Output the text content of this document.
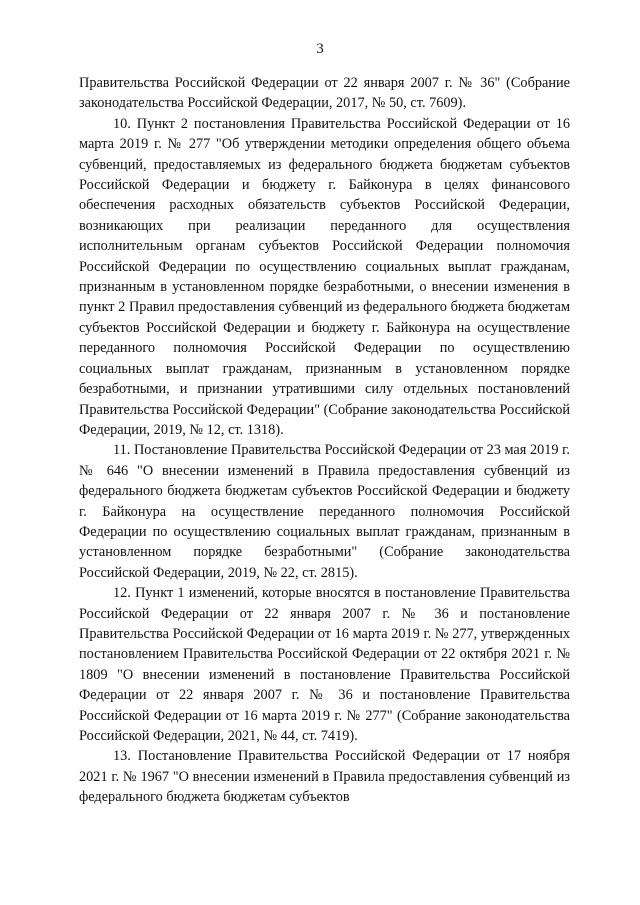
3

Правительства Российской Федерации от 22 января 2007 г. № 36" (Собрание законодательства Российской Федерации, 2017, № 50, ст. 7609).

10. Пункт 2 постановления Правительства Российской Федерации от 16 марта 2019 г. № 277 "Об утверждении методики определения общего объема субвенций, предоставляемых из федерального бюджета бюджетам субъектов Российской Федерации и бюджету г. Байконура в целях финансового обеспечения расходных обязательств субъектов Российской Федерации, возникающих при реализации переданного для осуществления исполнительным органам субъектов Российской Федерации полномочия Российской Федерации по осуществлению социальных выплат гражданам, признанным в установленном порядке безработными, о внесении изменения в пункт 2 Правил предоставления субвенций из федерального бюджета бюджетам субъектов Российской Федерации и бюджету г. Байконура на осуществление переданного полномочия Российской Федерации по осуществлению социальных выплат гражданам, признанным в установленном порядке безработными, и признании утратившими силу отдельных постановлений Правительства Российской Федерации" (Собрание законодательства Российской Федерации, 2019, № 12, ст. 1318).

11. Постановление Правительства Российской Федерации от 23 мая 2019 г. № 646 "О внесении изменений в Правила предоставления субвенций из федерального бюджета бюджетам субъектов Российской Федерации и бюджету г. Байконура на осуществление переданного полномочия Российской Федерации по осуществлению социальных выплат гражданам, признанным в установленном порядке безработными" (Собрание законодательства Российской Федерации, 2019, № 22, ст. 2815).

12. Пункт 1 изменений, которые вносятся в постановление Правительства Российской Федерации от 22 января 2007 г. № 36 и постановление Правительства Российской Федерации от 16 марта 2019 г. № 277, утвержденных постановлением Правительства Российской Федерации от 22 октября 2021 г. № 1809 "О внесении изменений в постановление Правительства Российской Федерации от 22 января 2007 г. № 36 и постановление Правительства Российской Федерации от 16 марта 2019 г. № 277" (Собрание законодательства Российской Федерации, 2021, № 44, ст. 7419).

13. Постановление Правительства Российской Федерации от 17 ноября 2021 г. № 1967 "О внесении изменений в Правила предоставления субвенций из федерального бюджета бюджетам субъектов
